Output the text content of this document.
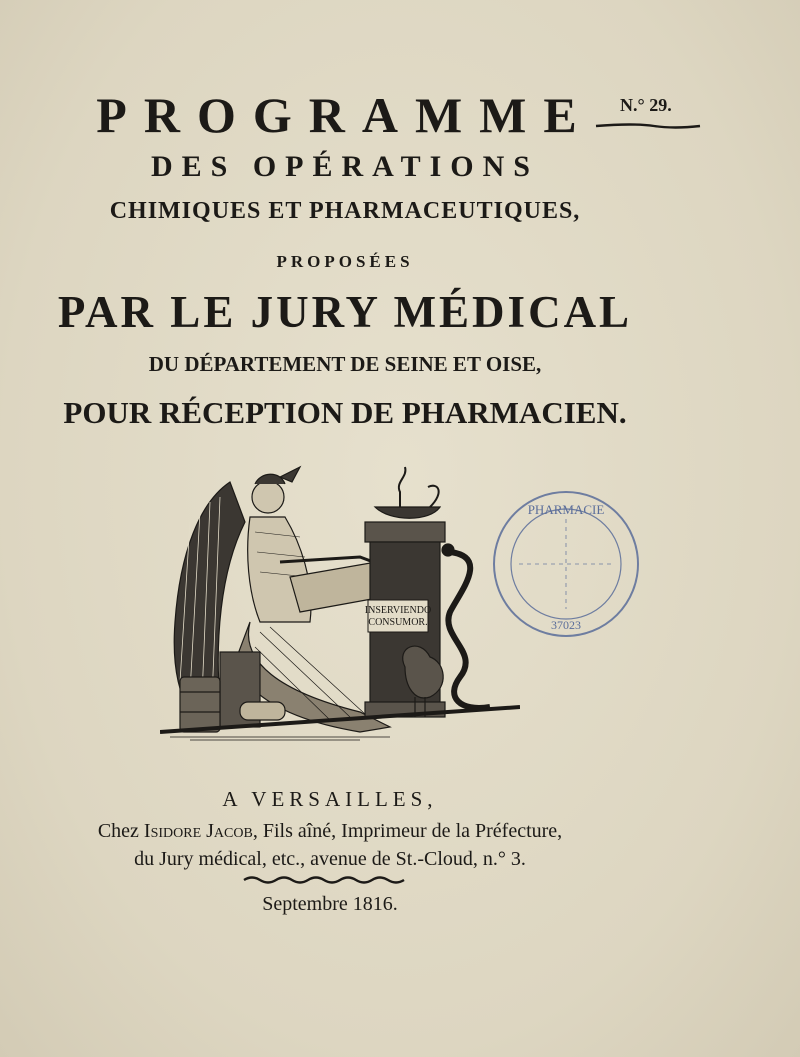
PROGRAMME	N.° 29.
DES OPÉRATIONS
CHIMIQUES ET PHARMACEUTIQUES,
PROPOSÉES
PAR LE JURY MÉDICAL
DU DÉPARTEMENT DE SEINE ET OISE,
POUR RÉCEPTION DE PHARMACIEN.
INSERVIENDO
CONSUMOR.
PHARMACIE
37023
A VERSAILLES,
Chez Isidore Jacob, Fils aîné, Imprimeur de la Préfecture,
du Jury médical, etc., avenue de St.-Cloud, n.° 3.
Septembre 1816.
